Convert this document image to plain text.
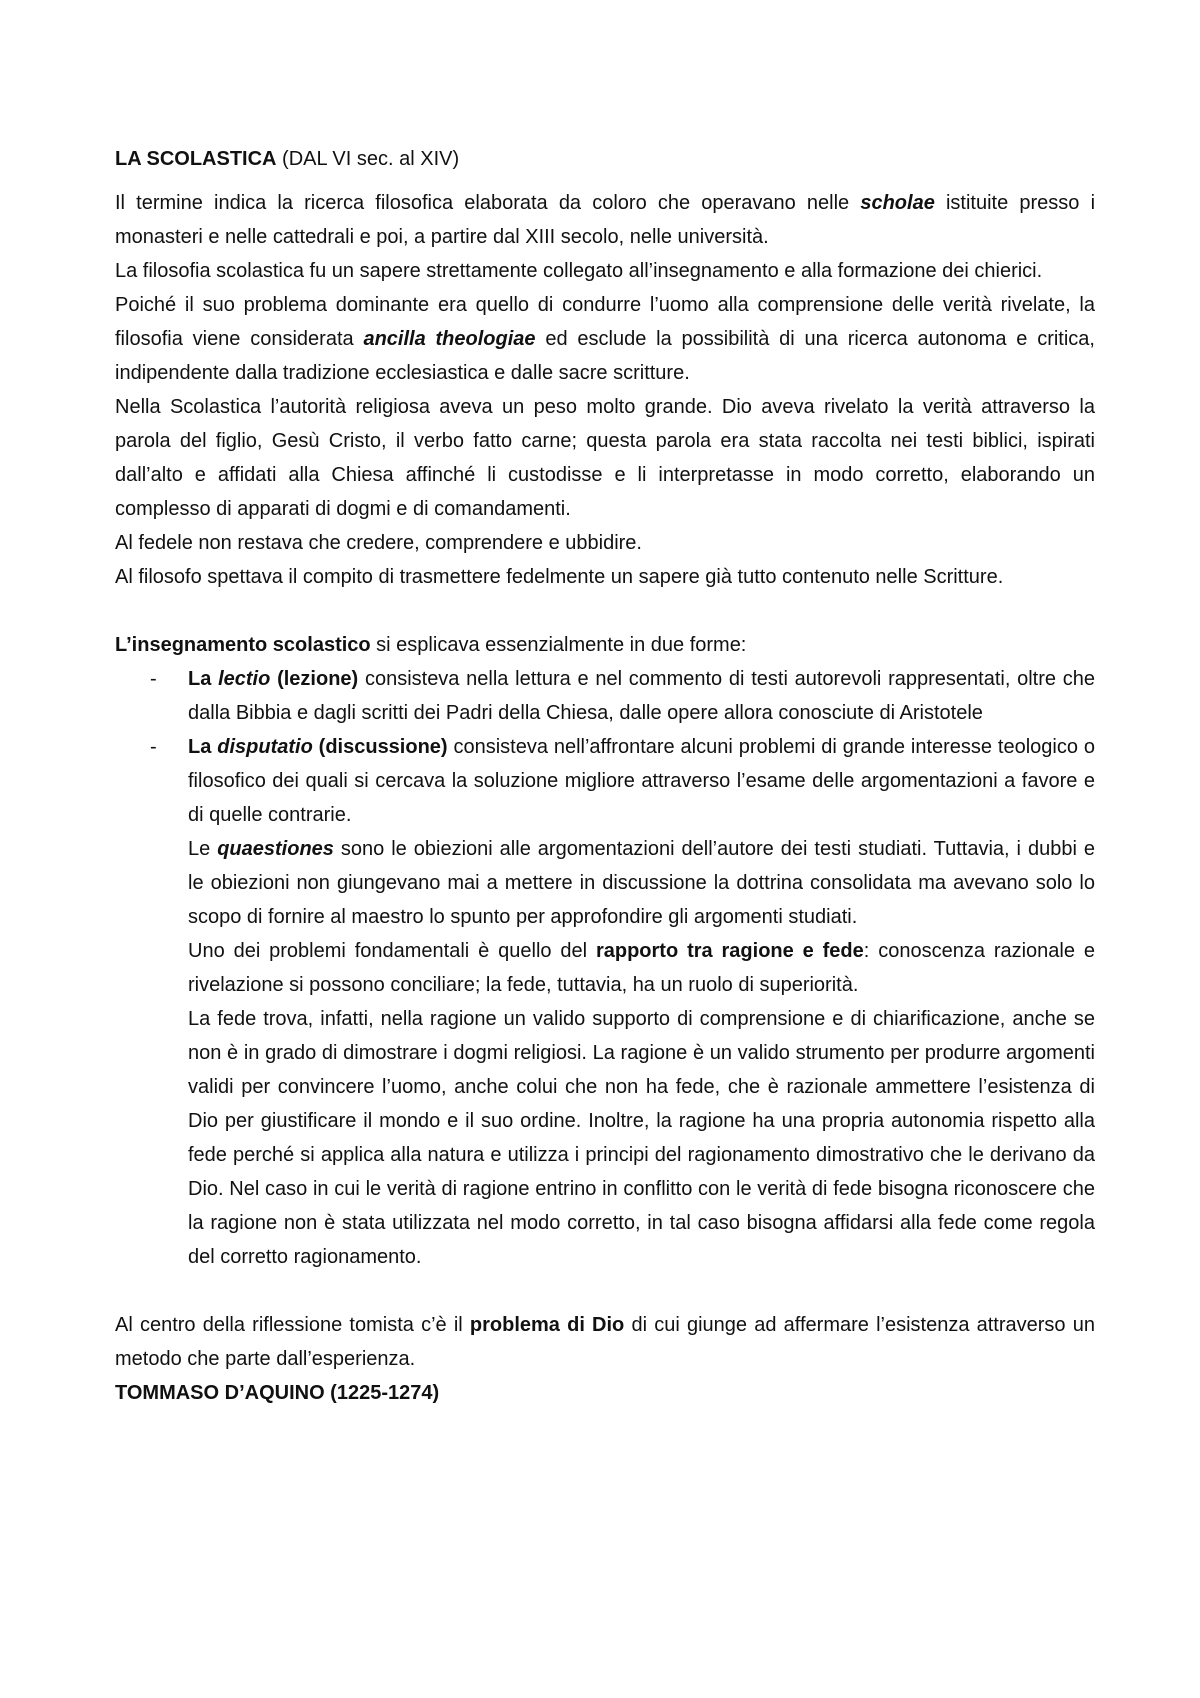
LA SCOLASTICA (DAL VI sec. al XIV)

Il termine indica la ricerca filosofica elaborata da coloro che operavano nelle scholae istituite presso i monasteri e nelle cattedrali e poi, a partire dal XIII secolo, nelle università.

La filosofia scolastica fu un sapere strettamente collegato all’insegnamento e alla formazione dei chierici.

Poiché il suo problema dominante era quello di condurre l’uomo alla comprensione delle verità rivelate, la filosofia viene considerata ancilla theologiae ed esclude la possibilità di una ricerca autonoma e critica, indipendente dalla tradizione ecclesiastica e dalle sacre scritture.

Nella Scolastica l’autorità religiosa aveva un peso molto grande. Dio aveva rivelato la verità attraverso la parola del figlio, Gesù Cristo, il verbo fatto carne; questa parola era stata raccolta nei testi biblici, ispirati dall’alto e affidati alla Chiesa affinché li custodisse e li interpretasse in modo corretto, elaborando un complesso di apparati di dogmi e di comandamenti.

Al fedele non restava che credere, comprendere e ubbidire.

Al filosofo spettava il compito di trasmettere fedelmente un sapere già tutto contenuto nelle Scritture.

L’insegnamento scolastico si esplicava essenzialmente in due forme:

- La lectio (lezione) consisteva nella lettura e nel commento di testi autorevoli rappresentati, oltre che dalla Bibbia e dagli scritti dei Padri della Chiesa, dalle opere allora conosciute di Aristotele

- La disputatio (discussione) consisteva nell’affrontare alcuni problemi di grande interesse teologico o filosofico dei quali si cercava la soluzione migliore attraverso l’esame delle argomentazioni a favore e di quelle contrarie.

Le quaestiones sono le obiezioni alle argomentazioni dell’autore dei testi studiati. Tuttavia, i dubbi e le obiezioni non giungevano mai a mettere in discussione la dottrina consolidata ma avevano solo lo scopo di fornire al maestro lo spunto per approfondire gli argomenti studiati.

Uno dei problemi fondamentali è quello del rapporto tra ragione e fede: conoscenza razionale e rivelazione si possono conciliare; la fede, tuttavia, ha un ruolo di superiorità.

La fede trova, infatti, nella ragione un valido supporto di comprensione e di chiarificazione, anche se non è in grado di dimostrare i dogmi religiosi. La ragione è un valido strumento per produrre argomenti validi per convincere l’uomo, anche colui che non ha fede, che è razionale ammettere l’esistenza di Dio per giustificare il mondo e il suo ordine. Inoltre, la ragione ha una propria autonomia rispetto alla fede perché si applica alla natura e utilizza i principi del ragionamento dimostrativo che le derivano da Dio. Nel caso in cui le verità di ragione entrino in conflitto con le verità di fede bisogna riconoscere che la ragione non è stata utilizzata nel modo corretto, in tal caso bisogna affidarsi alla fede come regola del corretto ragionamento.

Al centro della riflessione tomista c’è il problema di Dio di cui giunge ad affermare l’esistenza attraverso un metodo che parte dall’esperienza.

TOMMASO D’AQUINO (1225-1274)
